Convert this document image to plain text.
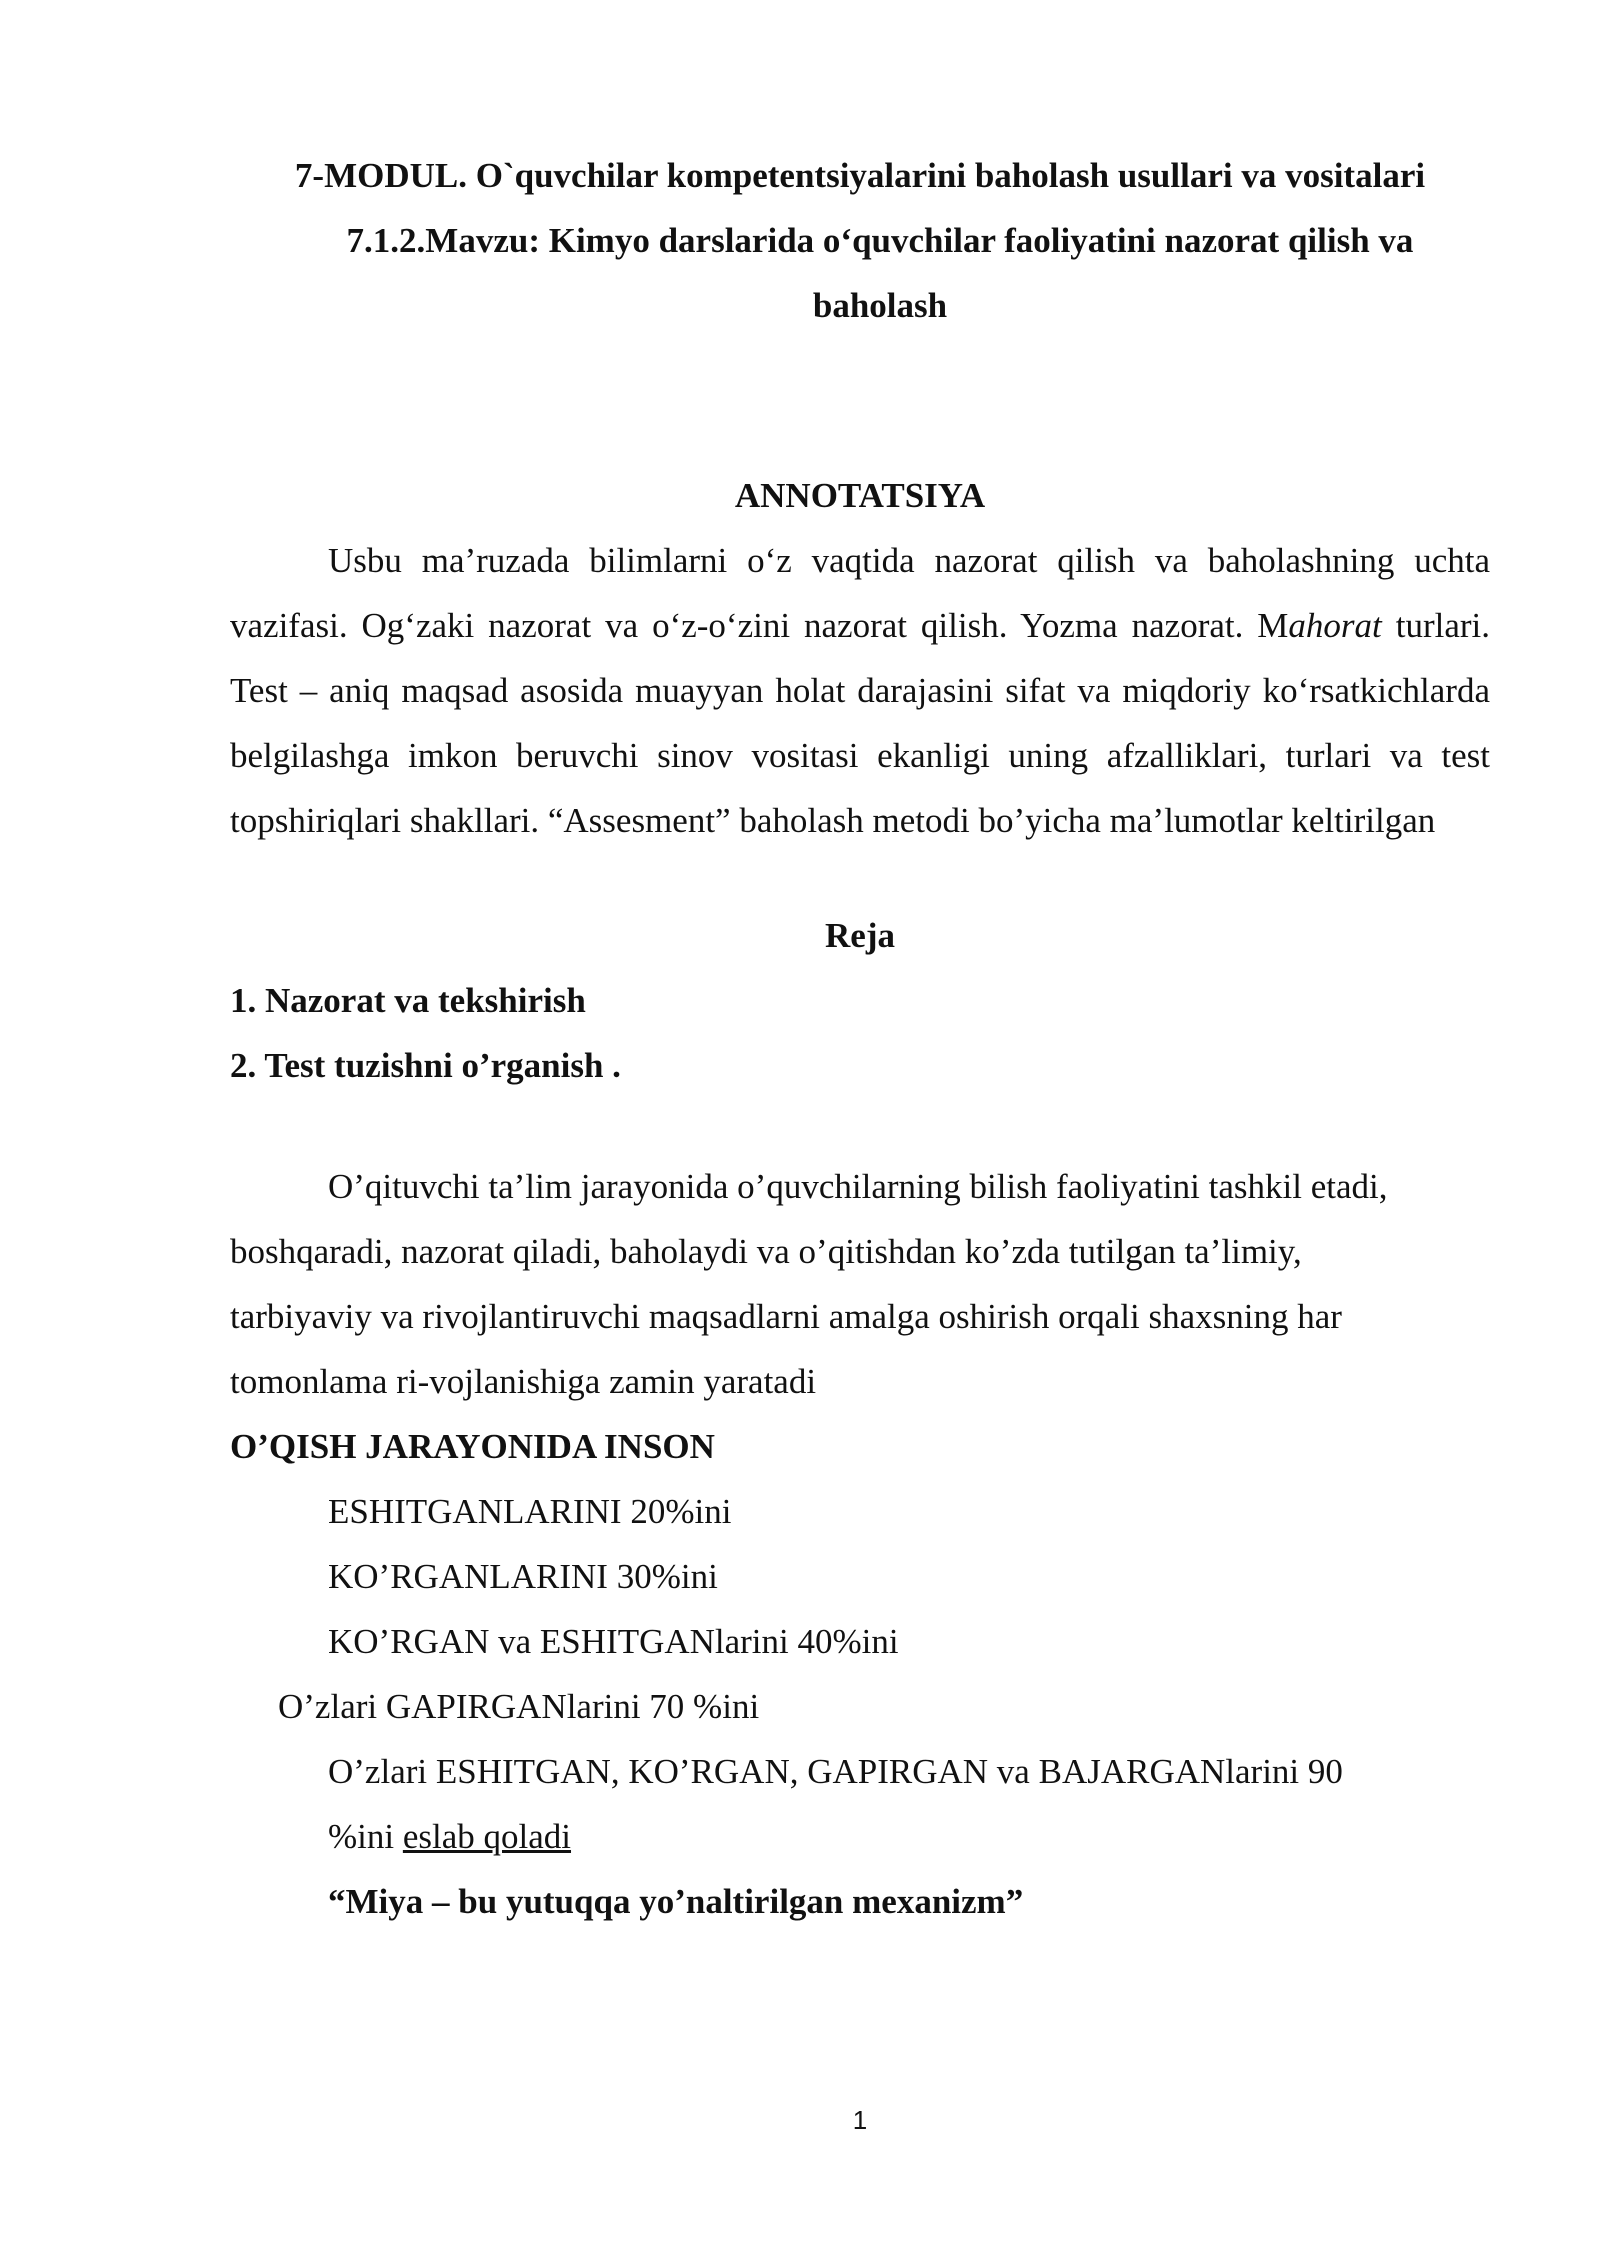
7-MODUL. O`quvchilar kompetentsiyalarini baholash usullari va vositalari

7.1.2.Mavzu: Kimyo darslarida o‘quvchilar faoliyatini nazorat qilish va

baholash

ANNOTATSIYA

Usbu ma’ruzada bilimlarni o‘z vaqtida nazorat qilish va baholashning uchta vazifasi. Og‘zaki nazorat va o‘z-o‘zini nazorat qilish. Yozma nazorat. Mahorat turlari. Test – aniq maqsad asosida muayyan holat darajasini sifat va miqdoriy ko‘rsatkichlarda belgilashga imkon beruvchi sinov vositasi ekanligi uning afzalliklari, turlari va test topshiriqlari shakllari. “Assesment” baholash metodi bo’yicha ma’lumotlar keltirilgan

Reja

1. Nazorat va tekshirish

2. Test tuzishni o’rganish .

O’qituvchi ta’lim jarayonida o’quvchilarning bilish faoliyatini tashkil etadi, boshqaradi, nazorat qiladi, baholaydi va o’qitishdan ko’zda tutilgan ta’limiy, tarbiyaviy va rivojlantiruvchi maqsadlarni amalga oshirish orqali shaxsning har tomonlama ri-vojlanishiga zamin yaratadi

O’QISH JARAYONIDA INSON

ESHITGANLARINI 20%ini

KO’RGANLARINI 30%ini

KO’RGAN va ESHITGANlarini 40%ini

O’zlari GAPIRGANlarini 70 %ini

O’zlari ESHITGAN, KO’RGAN, GAPIRGAN va BAJARGANlarini 90

%ini eslab qoladi

“Miya – bu yutuqqa yo’naltirilgan mexanizm”

1
